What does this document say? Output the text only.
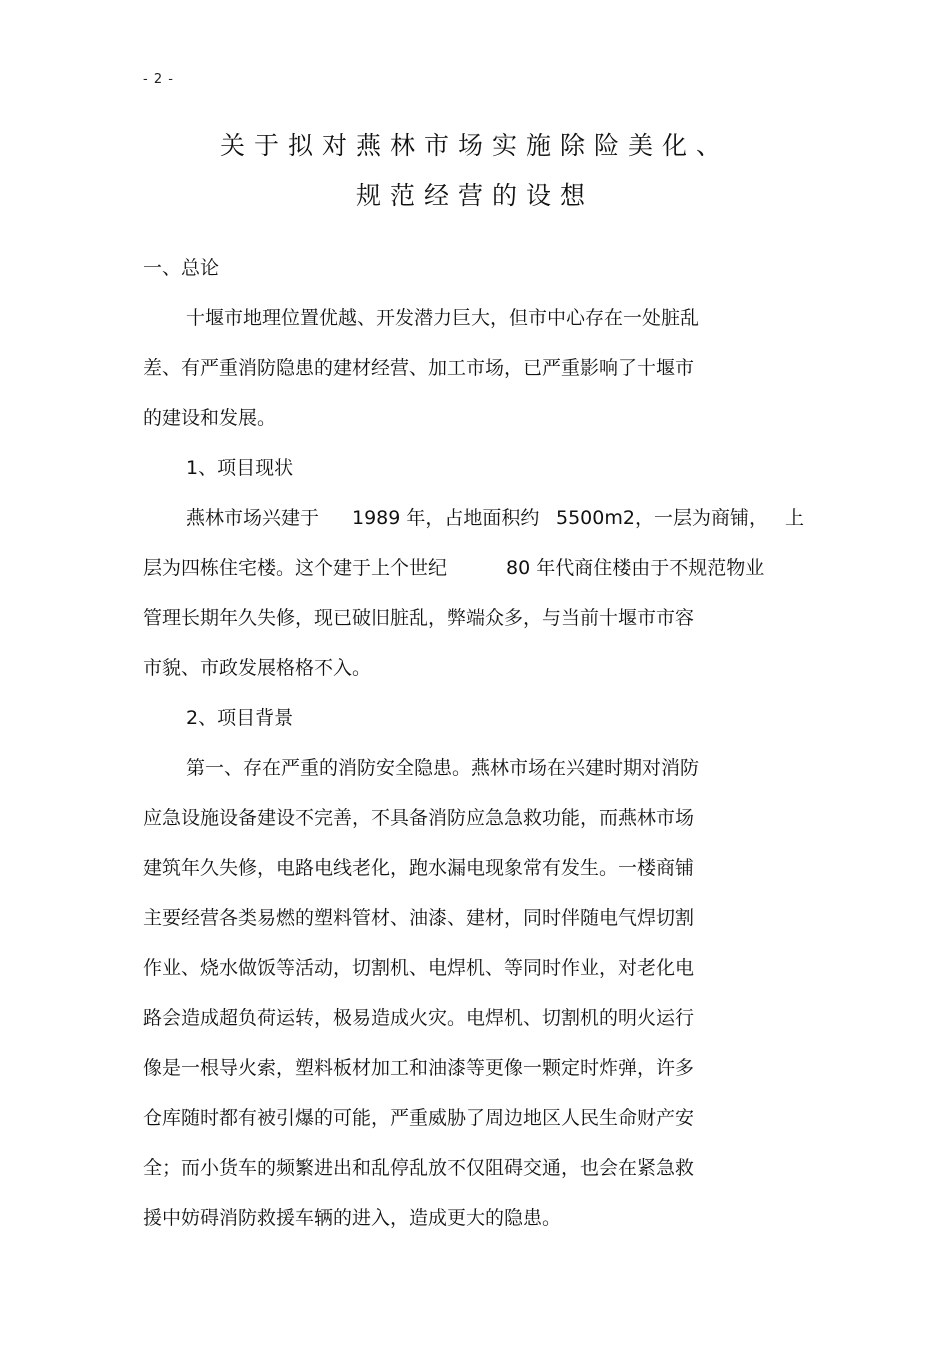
- 2 -
关于拟对燕林市场实施除险美化、
规范经营的设想
一、总论
十堰市地理位置优越、开发潜力巨大，但市中心存在一处脏乱
差、有严重消防隐患的建材经营、加工市场，已严重影响了十堰市
的建设和发展。
1、项目现状
燕林市场兴建于 1989 年，占地面积约 5500m2，一层为商铺， 上
层为四栋住宅楼。这个建于上个世纪	80 年代商住楼由于不规范物业
管理长期年久失修，现已破旧脏乱，弊端众多，与当前十堰市市容
市貌、市政发展格格不入。
2、项目背景
第一、存在严重的消防安全隐患。燕林市场在兴建时期对消防
应急设施设备建设不完善，不具备消防应急急救功能，而燕林市场
建筑年久失修，电路电线老化，跑水漏电现象常有发生。一楼商铺
主要经营各类易燃的塑料管材、油漆、建材，同时伴随电气焊切割
作业、烧水做饭等活动，切割机、电焊机、等同时作业，对老化电
路会造成超负荷运转，极易造成火灾。电焊机、切割机的明火运行
像是一根导火索，塑料板材加工和油漆等更像一颗定时炸弹，许多
仓库随时都有被引爆的可能，严重威胁了周边地区人民生命财产安
全；而小货车的频繁进出和乱停乱放不仅阻碍交通，也会在紧急救
援中妨碍消防救援车辆的进入，造成更大的隐患。
